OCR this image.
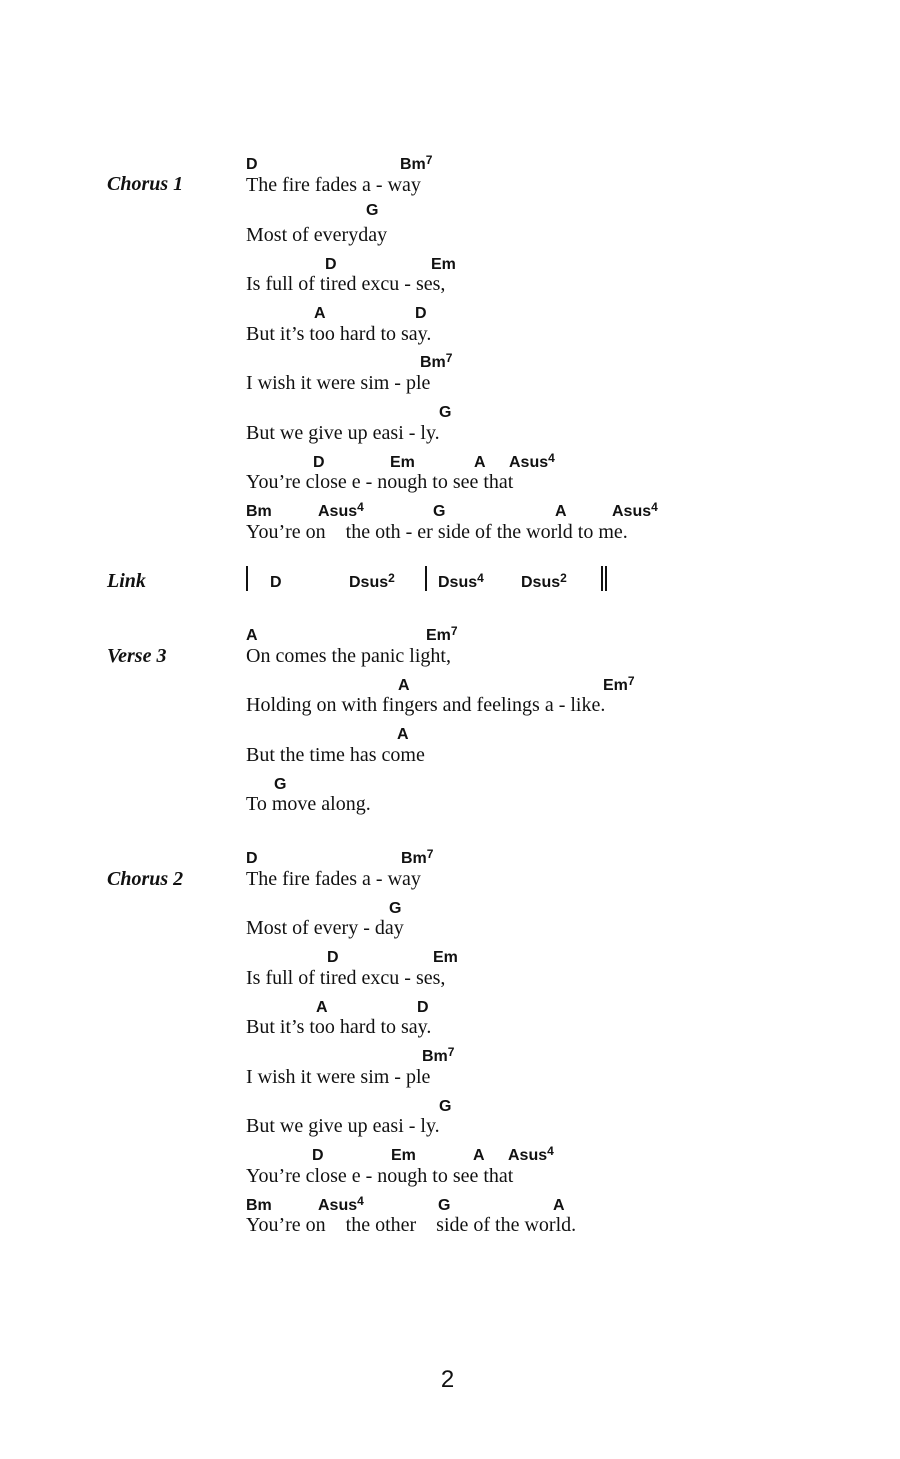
Chorus 1
D	Bm$^7$
The fire fades a - way
G
Most of everyday
D	Em
Is full of tired excu - ses,
A	D
But it’s too hard to say.
Bm$^7$
I wish it were sim - ple
G
But we give up easi - ly.
D	Em	A Asus$^4$
You’re close e - nough to see that
Bm	Asus$^4$	G	A	Asus$^4$
You’re on    the oth - er side of the world to me.
Link	D	Dsus$^2$	Dsus$^4$ Dsus$^2$
Verse 3
A	Em$^7$
On comes the panic light,
A	Em$^7$
Holding on with fingers and feelings a - like.
A
But the time has come
G
To move along.
Chorus 2
D	Bm$^7$
The fire fades a - way
G
Most of every - day
D	Em
Is full of tired excu - ses,
A	D
But it’s too hard to say.
Bm$^7$
I wish it were sim - ple
G
But we give up easi - ly.
D	Em	A Asus$^4$
You’re close e - nough to see that
Bm	Asus$^4$	G	A
You’re on    the other    side of the world.
2
